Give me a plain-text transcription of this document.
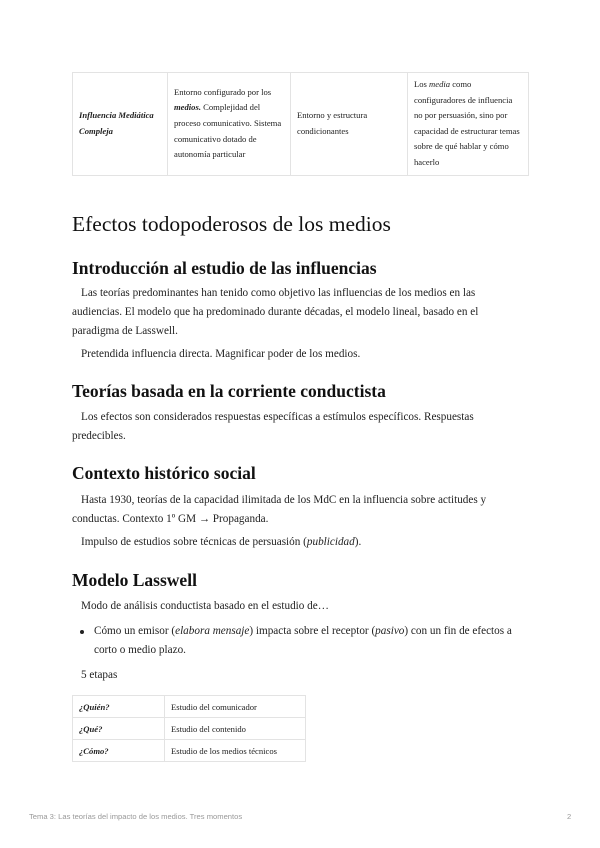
Influencia Mediática Compleja	Entorno configurado por los medios. Complejidad del proceso comunicativo. Sistema comunicativo dotado de autonomía particular	Entorno y estructura condicionantes	Los media como configuradores de influencia no por persuasión, sino por capacidad de estructurar temas sobre de qué hablar y cómo hacerlo
Efectos todopoderosos de los medios
Introducción al estudio de las influencias

Las teorías predominantes han tenido como objetivo las influencias de los medios en las audiencias. El modelo que ha predominado durante décadas, el modelo lineal, basado en el paradigma de Lasswell.

Pretendida influencia directa. Magnificar poder de los medios.

Teorías basada en la corriente conductista

Los efectos son considerados respuestas específicas a estímulos específicos. Respuestas predecibles.

Contexto histórico social

Hasta 1930, teorías de la capacidad ilimitada de los MdC en la influencia sobre actitudes y conductas. Contexto 1º GM → Propaganda.

Impulso de estudios sobre técnicas de persuasión (publicidad).

Modelo Lasswell

Modo de análisis conductista basado en el estudio de…

Cómo un emisor (elabora mensaje) impacta sobre el receptor (pasivo) con un fin de efectos a corto o medio plazo.

5 etapas

¿Quién?	Estudio del comunicador
¿Qué?	Estudio del contenido
¿Cómo?	Estudio de los medios técnicos
Tema 3: Las teorías del impacto de los medios. Tres momentos	2
